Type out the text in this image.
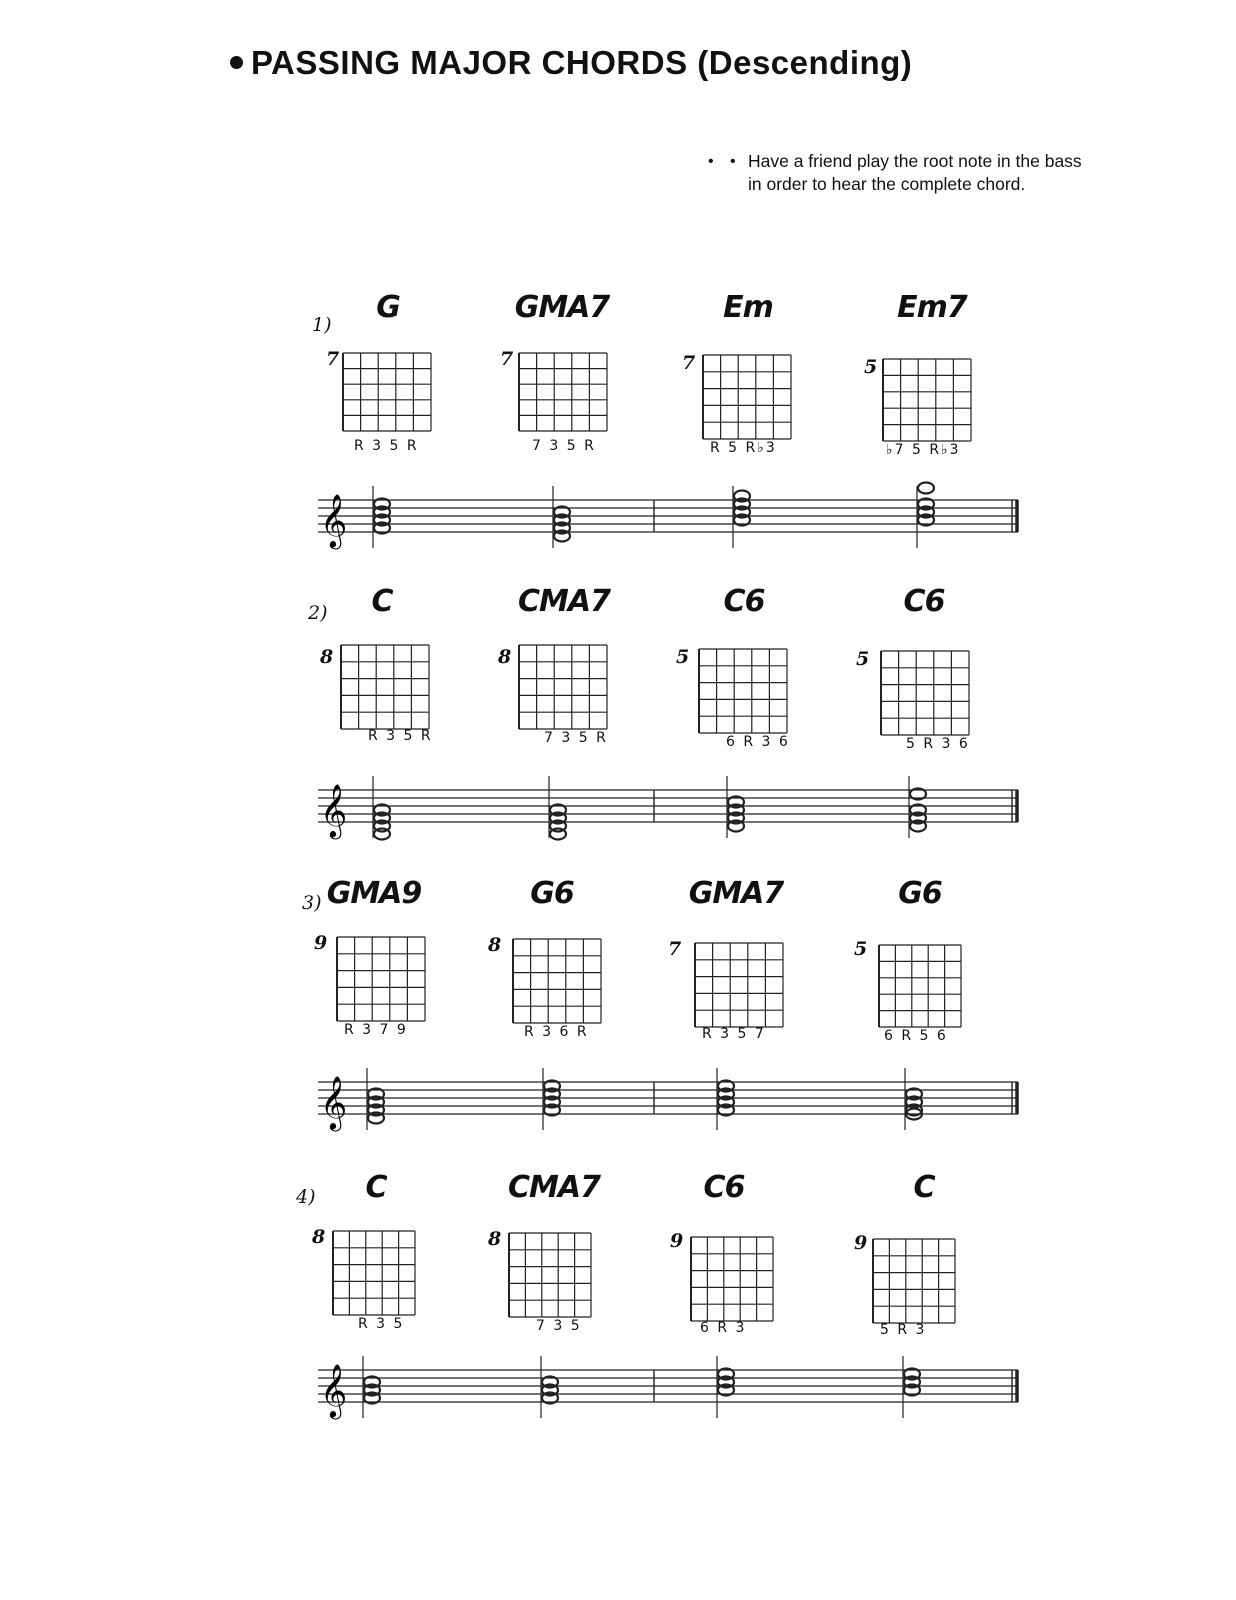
PASSING MAJOR CHORDS (Descending)
• • Have a friend play the root note in the bass in order to hear the complete chord.
1)	G
7
R 3 5 R
GMA7
7
7 3 5 R
Em
7
R 5 R♭3
Em7
5
♭7 5 R♭3
2)	C
8
R 3 5 R
CMA7
8
7 3 5 R
C6
5
6 R 3 6
C6
5
5 R 3 6
3) GMA9
9
R 3 7 9
G6
8
R 3 6 R
GMA7
7
R 3 5 7
G6
5
6 R 5 6
4)	C
8
R 3 5
CMA7
8
7 3 5
C6
9
6 R 3
C
9
5 R 3
𝄞
𝄞
𝄞
𝄞
